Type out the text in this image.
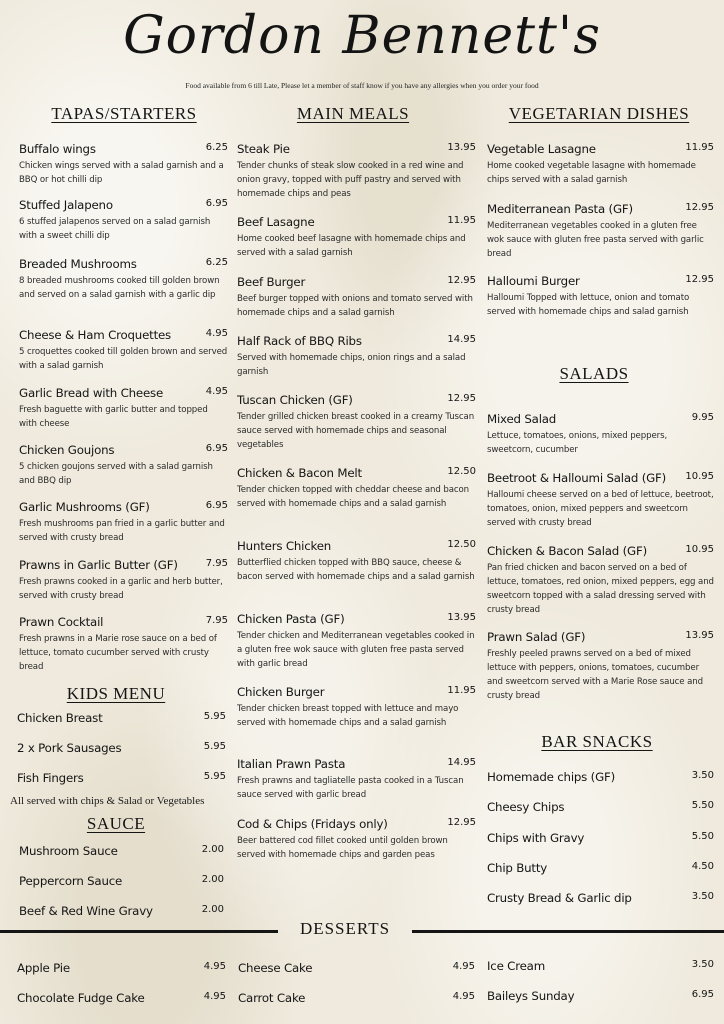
Gordon Bennett's
Food available from 6 till Late, Please let a member of staff know if you have any allergies when you order your food
TAPAS/STARTERS	MAIN MEALS	VEGETARIAN DISHES
Buffalo wings	6.25
Chicken wings served with a salad garnish and a BBQ or hot chilli dip
Stuffed Jalapeno	6.95
6 stuffed jalapenos served on a salad garnish with a sweet chilli dip
Breaded Mushrooms	6.25
8 breaded mushrooms cooked till golden brown and served on a salad garnish with a garlic dip
Cheese & Ham Croquettes	4.95
5 croquettes cooked till golden brown and served with a salad garnish
Garlic Bread with Cheese	4.95
Fresh baguette with garlic butter and topped with cheese
Chicken Goujons	6.95
5 chicken goujons served with a salad garnish and BBQ dip
Garlic Mushrooms (GF)	6.95
Fresh mushrooms pan fried in a garlic butter and served with crusty bread
Prawns in Garlic Butter (GF)	7.95
Fresh prawns cooked in a garlic and herb butter, served with crusty bread
Prawn Cocktail	7.95
Fresh prawns in a Marie rose sauce on a bed of lettuce, tomato cucumber served with crusty bread
KIDS MENU
Chicken Breast	5.95
2 x Pork Sausages	5.95
Fish Fingers	5.95
All served with chips & Salad or Vegetables
SAUCE
Mushroom Sauce	2.00
Peppercorn Sauce	2.00
Beef & Red Wine Gravy	2.00
Steak Pie	13.95
Tender chunks of steak slow cooked in a red wine and onion gravy, topped with puff pastry and served with homemade chips and peas
Beef Lasagne	11.95
Home cooked beef lasagne with homemade chips and served with a salad garnish
Beef Burger	12.95
Beef burger topped with onions and tomato served with homemade chips and a salad garnish
Half Rack of BBQ Ribs	14.95
Served with homemade chips, onion rings and a salad garnish
Tuscan Chicken (GF)	12.95
Tender grilled chicken breast cooked in a creamy Tuscan sauce served with homemade chips and seasonal vegetables
Chicken & Bacon Melt	12.50
Tender chicken topped with cheddar cheese and bacon served with homemade chips and a salad garnish
Hunters Chicken	12.50
Butterflied chicken topped with BBQ sauce, cheese & bacon served with homemade chips and a salad garnish
Chicken Pasta (GF)	13.95
Tender chicken and Mediterranean vegetables cooked in a gluten free wok sauce with gluten free pasta served with garlic bread
Chicken Burger	11.95
Tender chicken breast topped with lettuce and mayo served with homemade chips and a salad garnish
Italian Prawn Pasta	14.95
Fresh prawns and tagliatelle pasta cooked in a Tuscan sauce served with garlic bread
Cod & Chips (Fridays only)	12.95
Beer battered cod fillet cooked until golden brown served with homemade chips and garden peas
Vegetable Lasagne	11.95
Home cooked vegetable lasagne with homemade chips served with a salad garnish
Mediterranean Pasta (GF)	12.95
Mediterranean vegetables cooked in a gluten free wok sauce with gluten free pasta served with garlic bread
Halloumi Burger	12.95
Halloumi Topped with lettuce, onion and tomato served with homemade chips and salad garnish
SALADS
Mixed Salad	9.95
Lettuce, tomatoes, onions, mixed peppers, sweetcorn, cucumber
Beetroot & Halloumi Salad (GF)	10.95
Halloumi cheese served on a bed of lettuce, beetroot, tomatoes, onion, mixed peppers and sweetcorn served with crusty bread
Chicken & Bacon Salad (GF)	10.95
Pan fried chicken and bacon served on a bed of lettuce, tomatoes, red onion, mixed peppers, egg and sweetcorn topped with a salad dressing served with crusty bread
Prawn Salad (GF)	13.95
Freshly peeled prawns served on a bed of mixed lettuce with peppers, onions, tomatoes, cucumber and sweetcorn served with a Marie Rose sauce and crusty bread
BAR SNACKS
Homemade chips (GF)	3.50
Cheesy Chips	5.50
Chips with Gravy	5.50
Chip Butty	4.50
Crusty Bread & Garlic dip	3.50
DESSERTS
Apple Pie	4.95
Chocolate Fudge Cake	4.95
Cheese Cake	4.95
Carrot Cake	4.95
Ice Cream	3.50
Baileys Sunday	6.95
